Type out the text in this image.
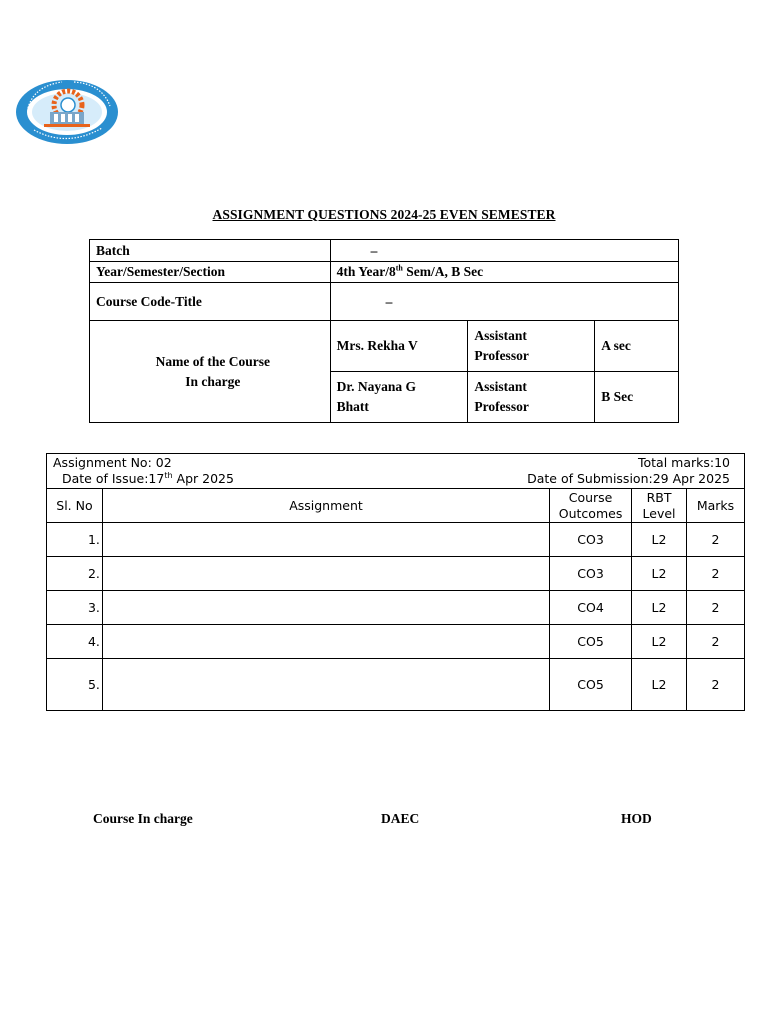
ASSIGNMENT QUESTIONS 2024-25 EVEN SEMESTER
Batch	–		
Year/Semester/Section	4th Year/8th Sem/A, B Sec		
Course Code-Title	–		
Name of the Course
In charge	Mrs. Rekha V	Assistant Professor	A sec
	Dr. Nayana G Bhatt	Assistant Professor	B Sec
Assignment No: 02 Total marks:10
Date of Issue:17th Apr 2025 Date of Submission:29 Apr 2025				

Sl. No	Assignment	Course Outcomes	RBT Level	Marks
1.		CO3	L2	2
2.		CO3	L2	2
3.		CO4	L2	2
4.		CO5	L2	2
5.		CO5	L2	2
Course In charge	DAEC	HOD
